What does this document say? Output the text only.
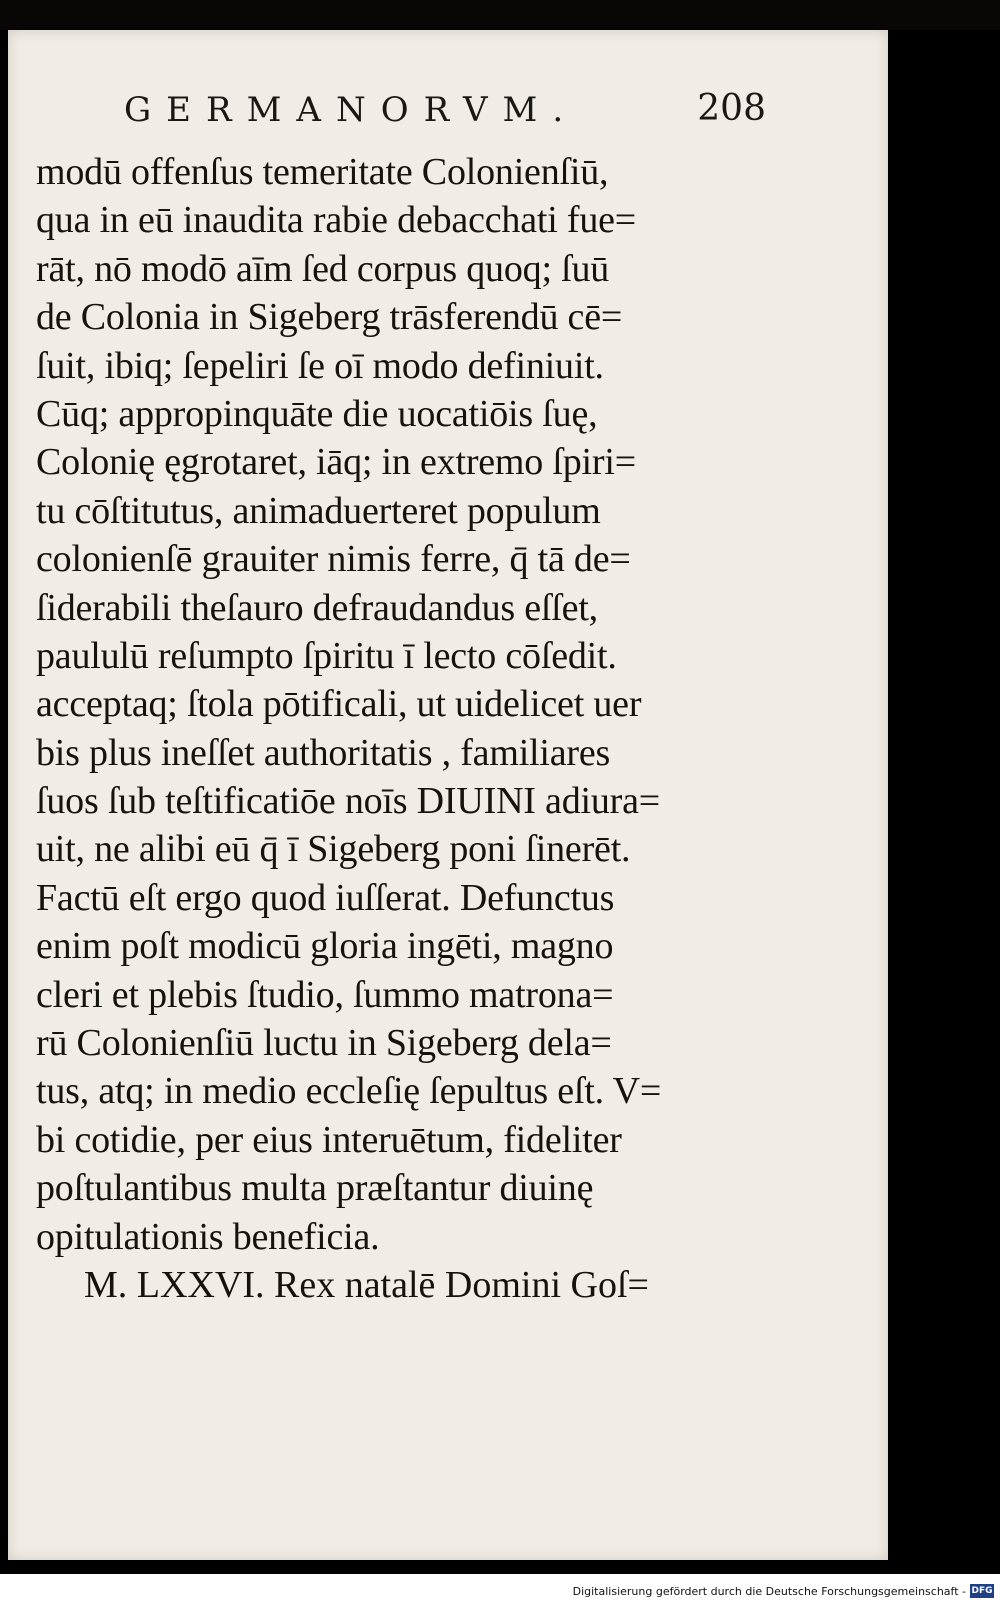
GERMANORVM.	208
modū offenſus temeritate Colonienſiū,
qua in eū inaudita rabie debacchati fue=
rāt, nō modō aīm ſed corpus quoq; ſuū
de Colonia in Sigeberg trāsferendū cē=
ſuit, ibiq; ſepeliri ſe oī modo definiuit.
Cūq; appropinquāte die uocatiōis ſuę,
Colonię ęgrotaret, iāq; in extremo ſpiri=
tu cōſtitutus, animaduerteret populum
colonienſē grauiter nimis ferre, q̄ tā de=
ſiderabili theſauro defraudandus eſſet,
paululū reſumpto ſpiritu ī lecto cōſedit.
acceptaq; ſtola pōtificali, ut uidelicet uer
bis plus ineſſet authoritatis , familiares
ſuos ſub teſtificatiōe noīs DIUINI adiura=
uit, ne alibi eū q̄ ī Sigeberg poni ſinerēt.
Factū eſt ergo quod iuſſerat. Defunctus
enim poſt modicū gloria ingēti, magno
cleri et plebis ſtudio, ſummo matrona=
rū Colonienſiū luctu in Sigeberg dela=
tus, atq; in medio eccleſię ſepultus eſt. V=
bi cotidie, per eius interuētum, fideliter
poſtulantibus multa præſtantur diuinę
opitulationis beneficia.
M. LXXVI. Rex natalē Domini Goſ=
Digitalisierung gefördert durch die Deutsche Forschungsgemeinschaft - DFG
